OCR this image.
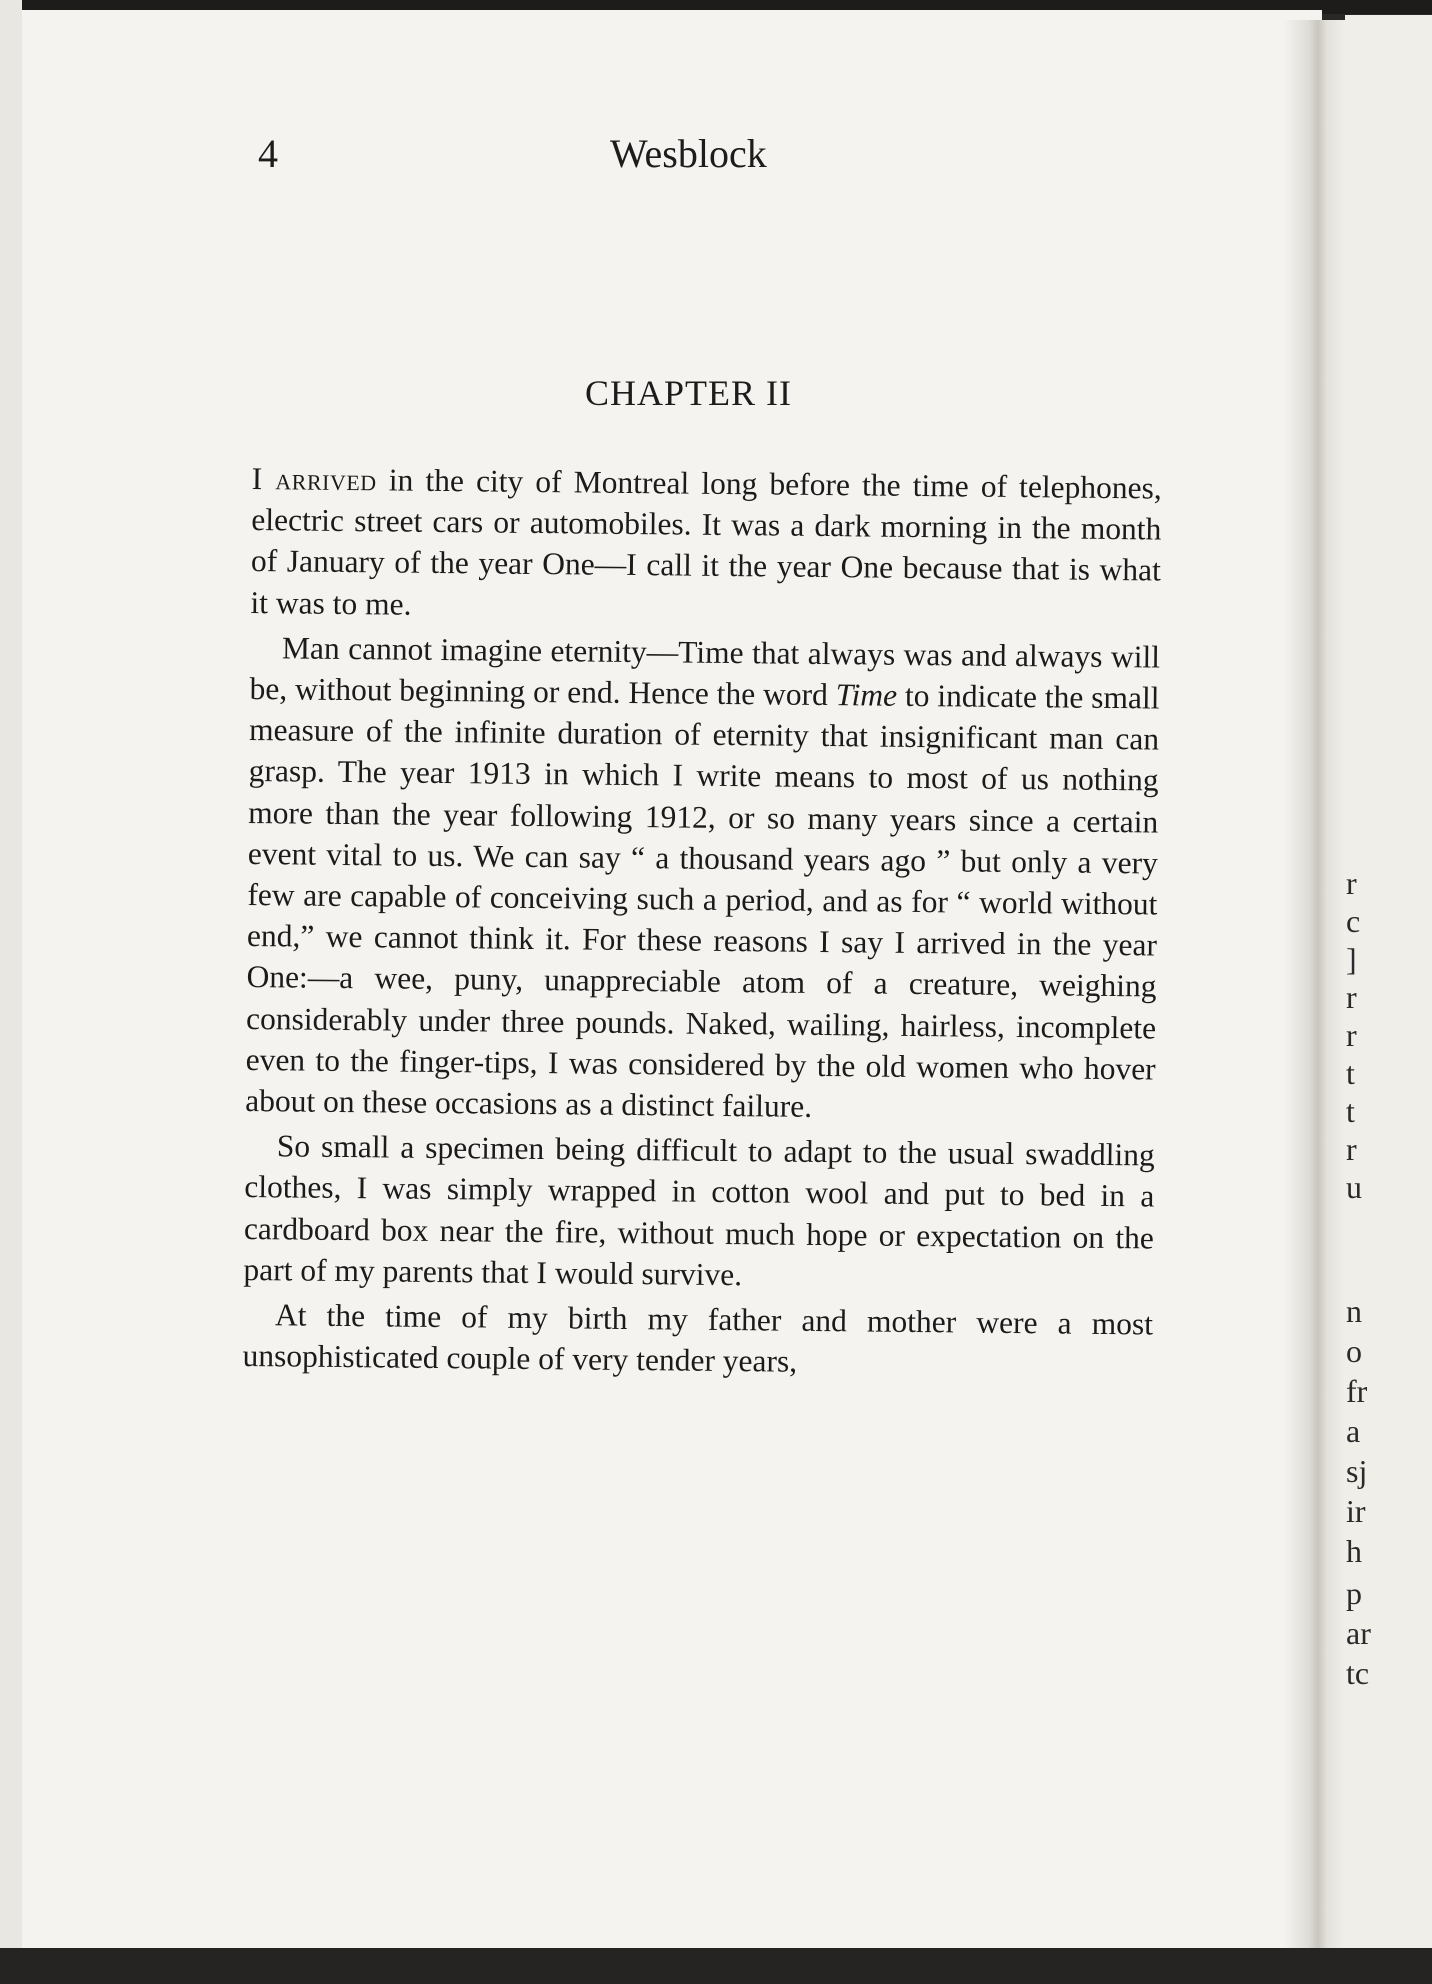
r
c
]
r
r
t
t
r
u
n
o
fr
a
sj
ir
h
p
ar
tc
4	Wesblock
CHAPTER II

I arrived in the city of Montreal long before the time of telephones, electric street cars or automobiles. It was a dark morning in the month of January of the year One—I call it the year One because that is what it was to me.

Man cannot imagine eternity—Time that always was and always will be, without beginning or end. Hence the word Time to indicate the small measure of the infinite duration of eternity that insignificant man can grasp. The year 1913 in which I write means to most of us nothing more than the year following 1912, or so many years since a certain event vital to us. We can say “ a thousand years ago ” but only a very few are capable of conceiving such a period, and as for “ world without end,” we cannot think it. For these reasons I say I arrived in the year One:—a wee, puny, unappreciable atom of a creature, weighing considerably under three pounds. Naked, wailing, hairless, incomplete even to the finger-tips, I was considered by the old women who hover about on these occasions as a distinct failure.

So small a specimen being difficult to adapt to the usual swaddling clothes, I was simply wrapped in cotton wool and put to bed in a cardboard box near the fire, without much hope or expectation on the part of my parents that I would survive.

At the time of my birth my father and mother were a most unsophisticated couple of very tender years,
